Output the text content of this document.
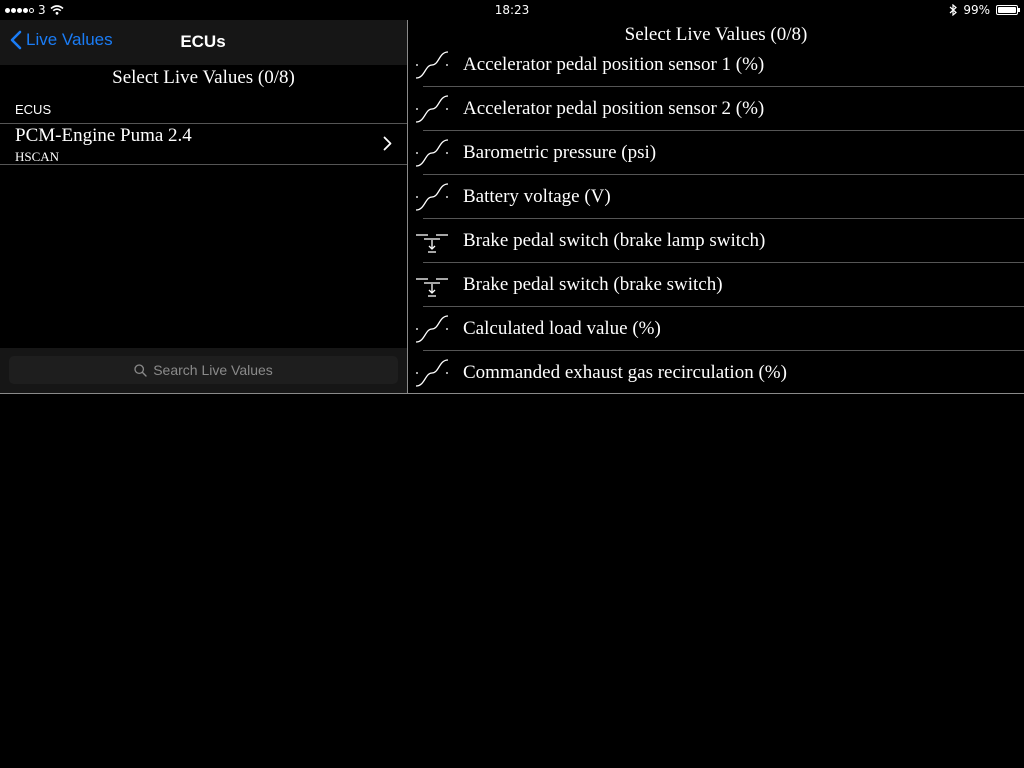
3	18:23	99%
Live Values	ECUs
Select Live Values (0/8)
ECUS
PCM-Engine Puma 2.4
HSCAN
Search Live Values
Select Live Values (0/8)
Accelerator pedal position sensor 1 (%)
Accelerator pedal position sensor 2 (%)
Barometric pressure (psi)
Battery voltage (V)
Brake pedal switch (brake lamp switch)
Brake pedal switch (brake switch)
Calculated load value (%)
Commanded exhaust gas recirculation (%)
